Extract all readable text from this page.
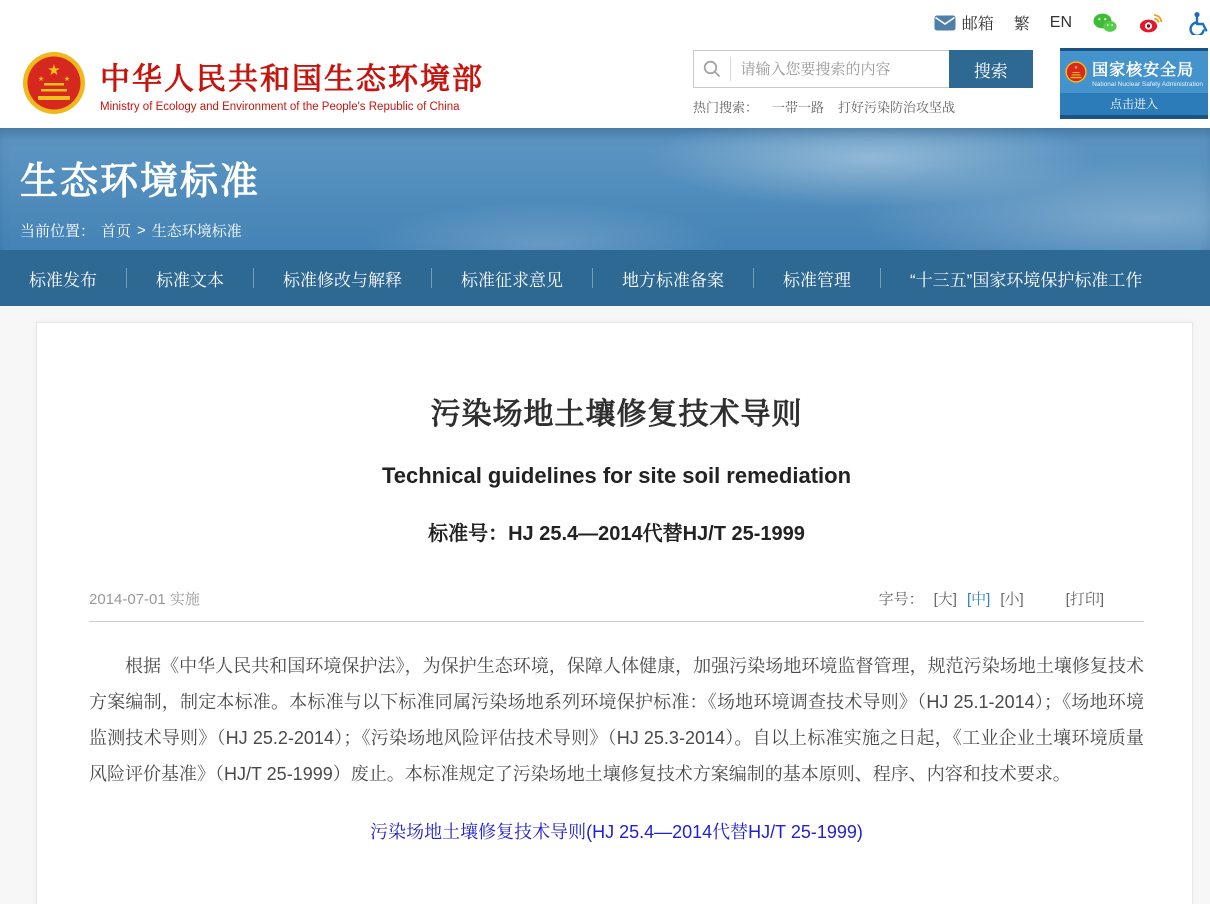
邮箱 繁 EN
★
★	★ 中华人民共和国生态环境部
Ministry of Ecology and Environment of the People's Republic of China
请输入您要搜索的内容
搜索
热门搜索： 一带一路 打好污染防治攻坚战
★ 国家核安全局
National Nuclear Safety Administration
点击进入
生态环境标准
当前位置： 首页 > 生态环境标准
标准发布	标准文本	标准修改与解释	标准征求意见	地方标准备案	标准管理	“十三五”国家环境保护标准工作
污染场地土壤修复技术导则
Technical guidelines for site soil remediation
标准号：HJ 25.4—2014代替HJ/T 25-1999
2014-07-01 实施	字号： [大] [中] [小]	[打印]

根据《中华人民共和国环境保护法》，为保护生态环境，保障人体健康，加强污染场地环境监督管理，规范污染场地土壤修复技术方案编制，制定本标准。本标准与以下标准同属污染场地系列环境保护标准：《场地环境调查技术导则》（HJ 25.1-2014）；《场地环境监测技术导则》（HJ 25.2-2014）；《污染场地风险评估技术导则》（HJ 25.3-2014）。自以上标准实施之日起，《工业企业土壤环境质量风险评价基准》（HJ/T 25-1999）废止。本标准规定了污染场地土壤修复技术方案编制的基本原则、程序、内容和技术要求。

污染场地土壤修复技术导则(HJ 25.4—2014代替HJ/T 25-1999)
